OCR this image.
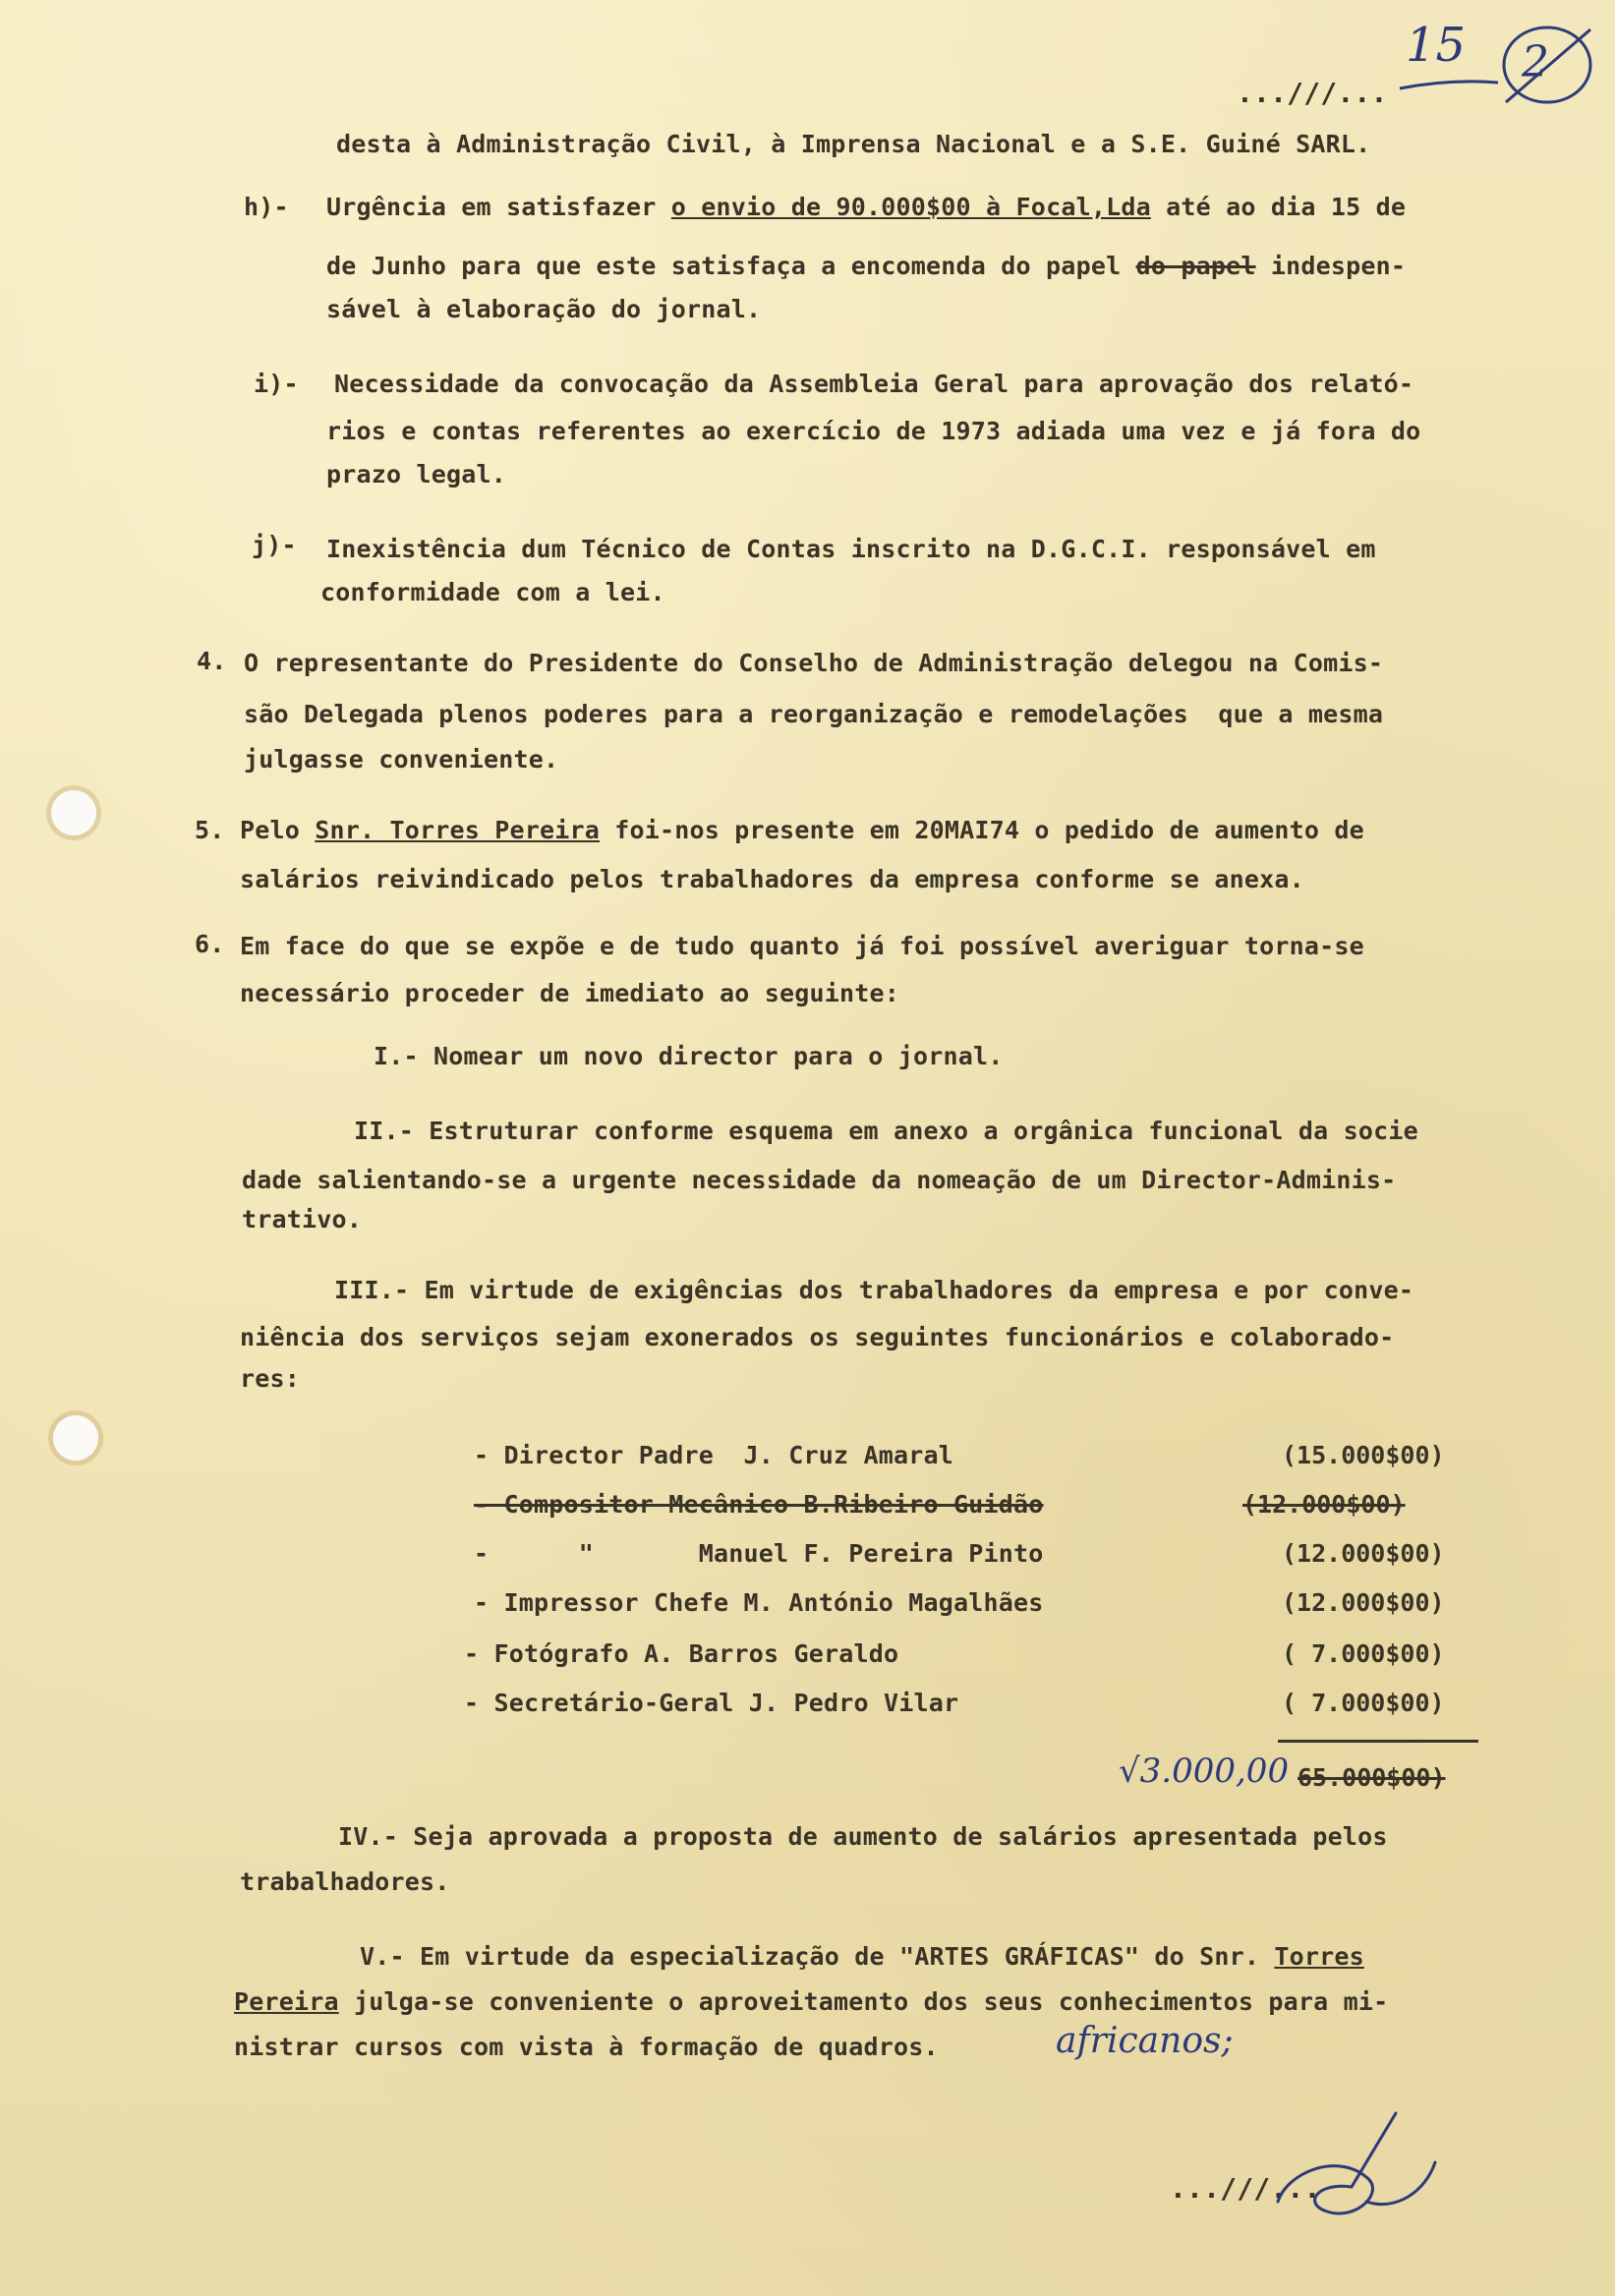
...///...
15 2
desta à Administração Civil, à Imprensa Nacional e a S.E. Guiné SARL.
h)- Urgência em satisfazer o envio de 90.000$00 à Focal,Lda até ao dia 15 de
de Junho para que este satisfaça a encomenda do papel do papel indespen-
sável à elaboração do jornal.
i)- Necessidade da convocação da Assembleia Geral para aprovação dos relató-
rios e contas referentes ao exercício de 1973 adiada uma vez e já fora do
prazo legal.
j)- Inexistência dum Técnico de Contas inscrito na D.G.C.I. responsável em
conformidade com a lei.
4. O representante do Presidente do Conselho de Administração delegou na Comis-
são Delegada plenos poderes para a reorganização e remodelações  que a mesma
julgasse conveniente.
5. Pelo Snr. Torres Pereira foi-nos presente em 20MAI74 o pedido de aumento de
salários reivindicado pelos trabalhadores da empresa conforme se anexa.
6. Em face do que se expõe e de tudo quanto já foi possível averiguar torna-se
necessário proceder de imediato ao seguinte:
I.- Nomear um novo director para o jornal.
II.- Estruturar conforme esquema em anexo a orgânica funcional da socie
dade salientando-se a urgente necessidade da nomeação de um Director-Adminis-
trativo.
III.- Em virtude de exigências dos trabalhadores da empresa e por conve-
niência dos serviços sejam exonerados os seguintes funcionários e colaborado-
res:
- Director Padre  J. Cruz Amaral	(15.000$00)
- Compositor Mecânico B.Ribeiro Guidão	(12.000$00)
-      "       Manuel F. Pereira Pinto	(12.000$00)
- Impressor Chefe M. António Magalhães	(12.000$00)
- Fotógrafo A. Barros Geraldo	( 7.000$00)
- Secretário-Geral J. Pedro Vilar	( 7.000$00)
√3.000,00 65.000$00)
IV.- Seja aprovada a proposta de aumento de salários apresentada pelos
trabalhadores.
V.- Em virtude da especialização de "ARTES GRÁFICAS" do Snr. Torres
Pereira julga-se conveniente o aproveitamento dos seus conhecimentos para mi-
nistrar cursos com vista à formação de quadros.	africanos;
...///...
